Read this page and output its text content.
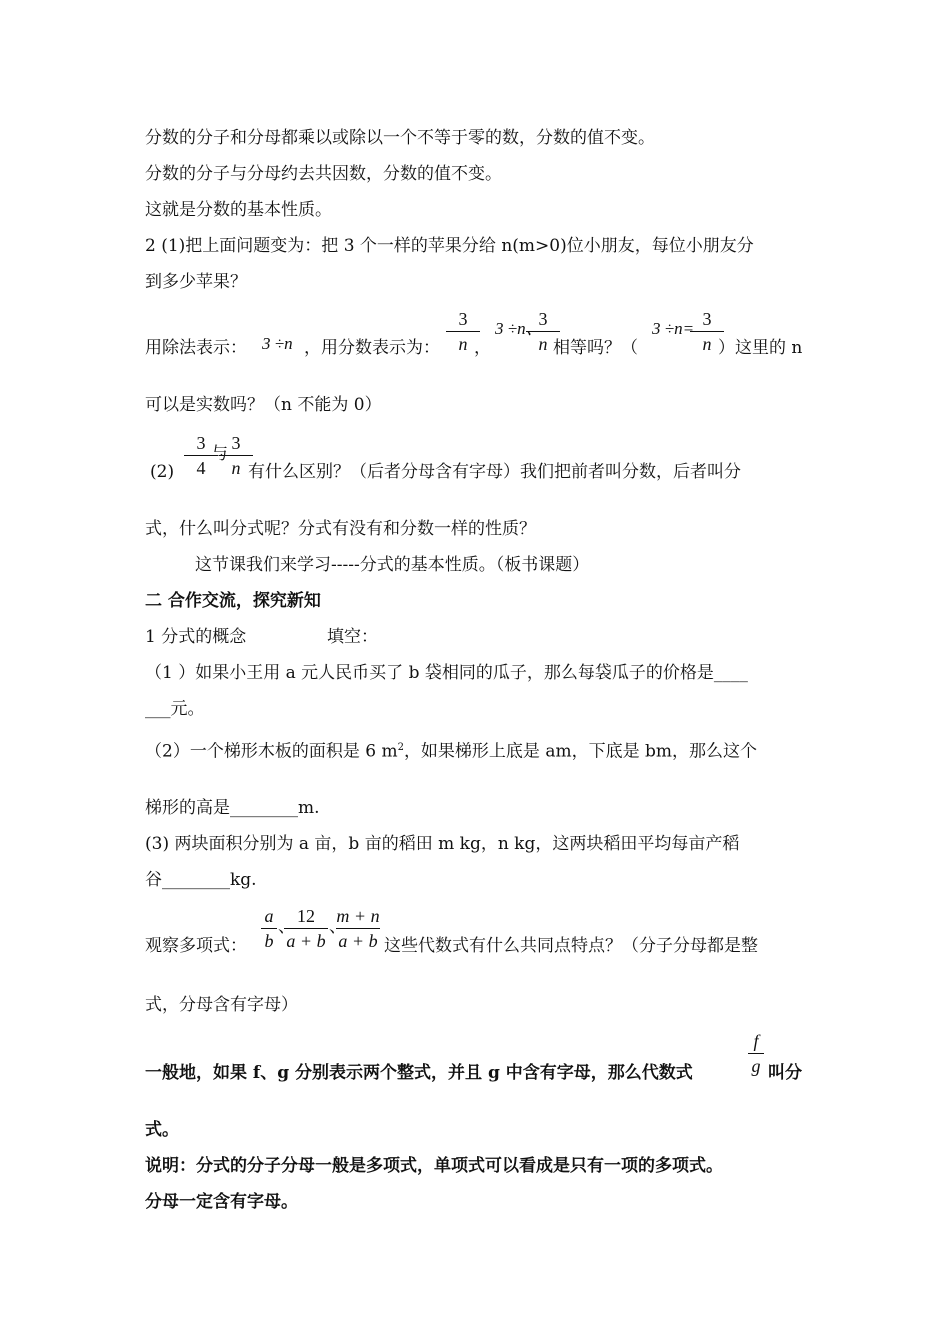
分数的分子和分母都乘以或除以一个不等于零的数，分数的值不变。
分数的分子与分母约去共因数，分数的值不变。
这就是分数的基本性质。
2 (1)把上面问题变为：把 3 个一样的苹果分给 n(m>0)位小朋友，每位小朋友分
到多少苹果？
用除法表示： 3 ÷n ，用分数表示为：
3
n ，
3 ÷n、
3
n 相等吗？（
3 ÷n= 3
n ）这里的 n
可以是实数吗？（n 不能为 0）
(2)
3
4
与
3
n 有什么区别？（后者分母含有字母）我们把前者叫分数，后者叫分
式，什么叫分式呢？分式有没有和分数一样的性质？
这节课我们来学习-----分式的基本性质。（板书课题）
二 合作交流，探究新知
1 分式的概念	填空：
（1 ）如果小王用 a 元人民币买了 b 袋相同的瓜子，那么每袋瓜子的价格是____
___元。
（2）一个梯形木板的面积是 6 $m^2$，如果梯形上底是 am，下底是 bm，那么这个
梯形的高是________m.
(3) 两块面积分别为 a 亩，b 亩的稻田 m kg，n kg，这两块稻田平均每亩产稻
谷________kg.
观察多项式：
a
b
、
12
a + b
、
m + n
a + b 这些代数式有什么共同点特点？（分子分母都是整
式，分母含有字母）
一般地，如果 f、g 分别表示两个整式，并且 g 中含有字母，那么代数式
f
g 叫分
式。
说明：分式的分子分母一般是多项式，单项式可以看成是只有一项的多项式。
分母一定含有字母。
